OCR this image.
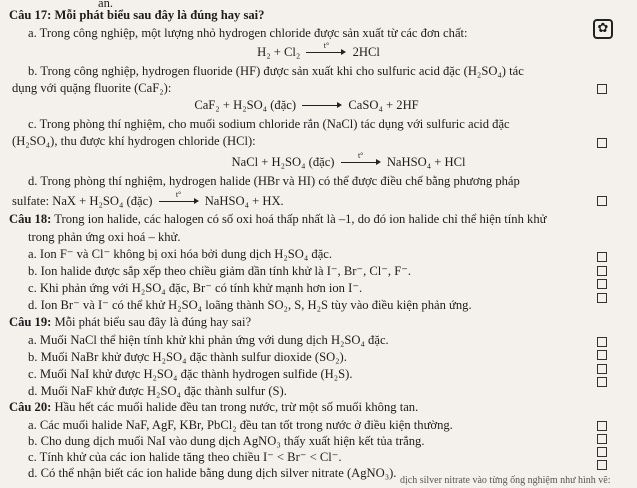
an.
Câu 17: Mỗi phát biểu sau đây là đúng hay sai?
a. Trong công nghiệp, một lượng nhỏ hydrogen chloride được sản xuất từ các đơn chất:	✿
H₂ + Cl₂	t°	2HCl
b. Trong công nghiệp, hydrogen fluoride (HF) được sản xuất khi cho sulfuric acid đặc (H₂SO₄) tác
dụng với quặng fluorite (CaF₂):
CaF₂ + H₂SO₄ (đặc)	CaSO₄ + 2HF
c. Trong phòng thí nghiệm, cho muối sodium chloride rắn (NaCl) tác dụng với sulfuric acid đặc
(H₂SO₄), thu được khí hydrogen chloride (HCl):
NaCl + H₂SO₄ (đặc)	t°	NaHSO₄ + HCl
d. Trong phòng thí nghiệm, hydrogen halide (HBr và HI) có thể được điều chế bằng phương pháp
sulfate: NaX + H₂SO₄ (đặc)	t°	NaHSO₄ + HX.
Câu 18: Trong ion halide, các halogen có số oxi hoá thấp nhất là –1, do đó ion halide chỉ thể hiện tính khử
trong phản ứng oxi hoá – khử.
a. Ion F⁻ và Cl⁻ không bị oxi hóa bởi dung dịch H₂SO₄ đặc.
b. Ion halide được sắp xếp theo chiều giảm dần tính khử là I⁻, Br⁻, Cl⁻, F⁻.
c. Khi phản ứng với H₂SO₄ đặc, Br⁻ có tính khử mạnh hơn ion I⁻.
d. Ion Br⁻ và I⁻ có thể khử H₂SO₄ loãng thành SO₂, S, H₂S tùy vào điều kiện phản ứng.
Câu 19: Mỗi phát biểu sau đây là đúng hay sai?
a. Muối NaCl thể hiện tính khử khi phản ứng với dung dịch H₂SO₄ đặc.
b. Muối NaBr khử được H₂SO₄ đặc thành sulfur dioxide (SO₂).
c. Muối NaI khử được H₂SO₄ đặc thành hydrogen sulfide (H₂S).
d. Muối NaF khử được H₂SO₄ đặc thành sulfur (S).
Câu 20: Hầu hết các muối halide đều tan trong nước, trừ một số muối không tan.
a. Các muối halide NaF, AgF, KBr, PbCl₂ đều tan tốt trong nước ở điều kiện thường.
b. Cho dung dịch muối NaI vào dung dịch AgNO₃ thấy xuất hiện kết tủa trắng.
c. Tính khử của các ion halide tăng theo chiều I⁻ < Br⁻ < Cl⁻.
d. Có thể nhận biết các ion halide bằng dung dịch silver nitrate (AgNO₃).
dịch silver nitrate vào từng ống nghiệm như hình vẽ:
